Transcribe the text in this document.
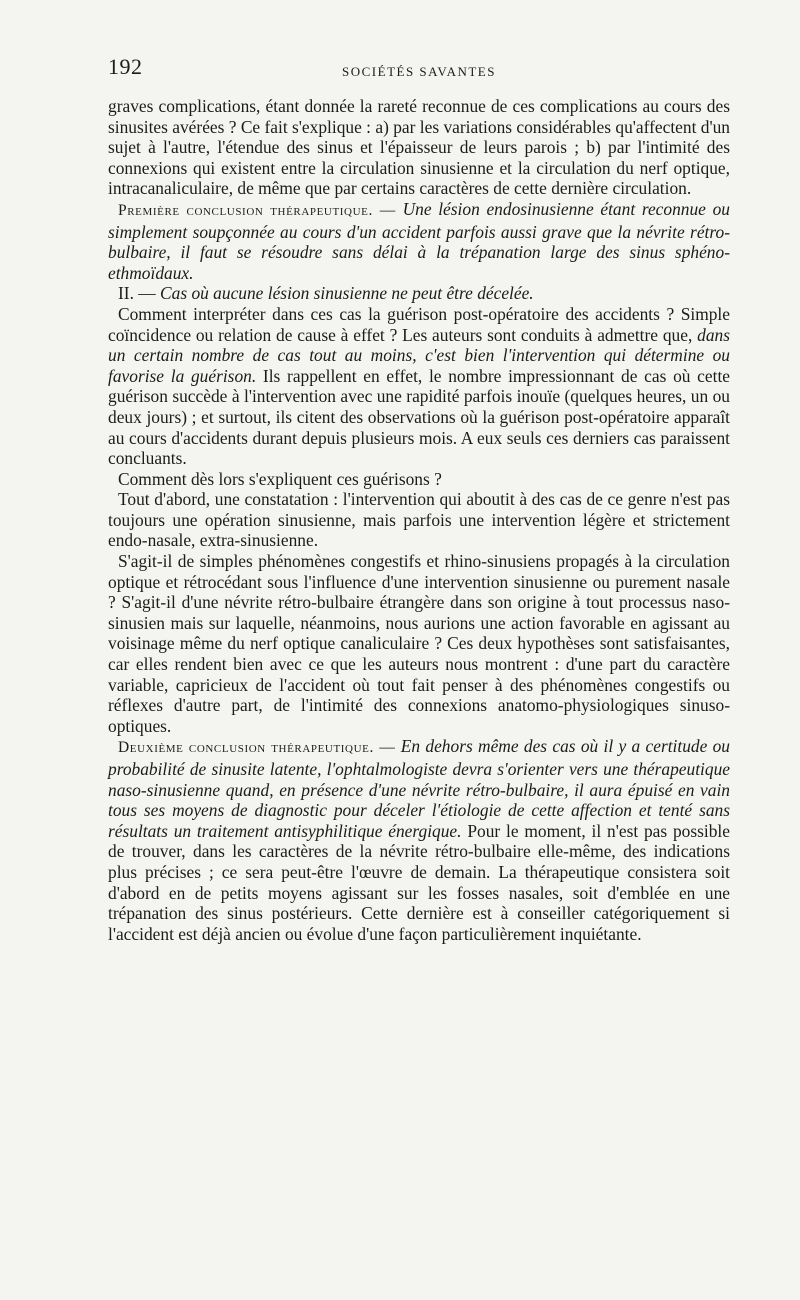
192	SOCIÉTÉS SAVANTES

graves complications, étant donnée la rareté reconnue de ces complications au cours des sinusites avérées ? Ce fait s'explique : a) par les variations considérables qu'affectent d'un sujet à l'autre, l'étendue des sinus et l'épaisseur de leurs parois ; b) par l'intimité des connexions qui existent entre la circulation sinusienne et la circulation du nerf optique, intracanaliculaire, de même que par certains caractères de cette dernière circulation.

Première conclusion thérapeutique. — Une lésion endosinusienne étant reconnue ou simplement soupçonnée au cours d'un accident parfois aussi grave que la névrite rétro-bulbaire, il faut se résoudre sans délai à la trépanation large des sinus sphéno-ethmoïdaux.

II. — Cas où aucune lésion sinusienne ne peut être décelée.

Comment interpréter dans ces cas la guérison post-opératoire des accidents ? Simple coïncidence ou relation de cause à effet ? Les auteurs sont conduits à admettre que, dans un certain nombre de cas tout au moins, c'est bien l'intervention qui détermine ou favorise la guérison. Ils rappellent en effet, le nombre impressionnant de cas où cette guérison succède à l'intervention avec une rapidité parfois inouïe (quelques heures, un ou deux jours) ; et surtout, ils citent des observations où la guérison post-opératoire apparaît au cours d'accidents durant depuis plusieurs mois. A eux seuls ces derniers cas paraissent concluants.

Comment dès lors s'expliquent ces guérisons ?

Tout d'abord, une constatation : l'intervention qui aboutit à des cas de ce genre n'est pas toujours une opération sinusienne, mais parfois une intervention légère et strictement endo-nasale, extra-sinusienne.

S'agit-il de simples phénomènes congestifs et rhino-sinusiens propagés à la circulation optique et rétrocédant sous l'influence d'une intervention sinusienne ou purement nasale ? S'agit-il d'une névrite rétro-bulbaire étrangère dans son origine à tout processus naso-sinusien mais sur laquelle, néanmoins, nous aurions une action favorable en agissant au voisinage même du nerf optique canaliculaire ? Ces deux hypothèses sont satisfaisantes, car elles rendent bien avec ce que les auteurs nous montrent : d'une part du caractère variable, capricieux de l'accident où tout fait penser à des phénomènes congestifs ou réflexes d'autre part, de l'intimité des connexions anatomo-physiologiques sinuso-optiques.

Deuxième conclusion thérapeutique. — En dehors même des cas où il y a certitude ou probabilité de sinusite latente, l'ophtalmologiste devra s'orienter vers une thérapeutique naso-sinusienne quand, en présence d'une névrite rétro-bulbaire, il aura épuisé en vain tous ses moyens de diagnostic pour déceler l'étiologie de cette affection et tenté sans résultats un traitement antisyphilitique énergique. Pour le moment, il n'est pas possible de trouver, dans les caractères de la névrite rétro-bulbaire elle-même, des indications plus précises ; ce sera peut-être l'œuvre de demain. La thérapeutique consistera soit d'abord en de petits moyens agissant sur les fosses nasales, soit d'emblée en une trépanation des sinus postérieurs. Cette dernière est à conseiller catégoriquement si l'accident est déjà ancien ou évolue d'une façon particulièrement inquiétante.
